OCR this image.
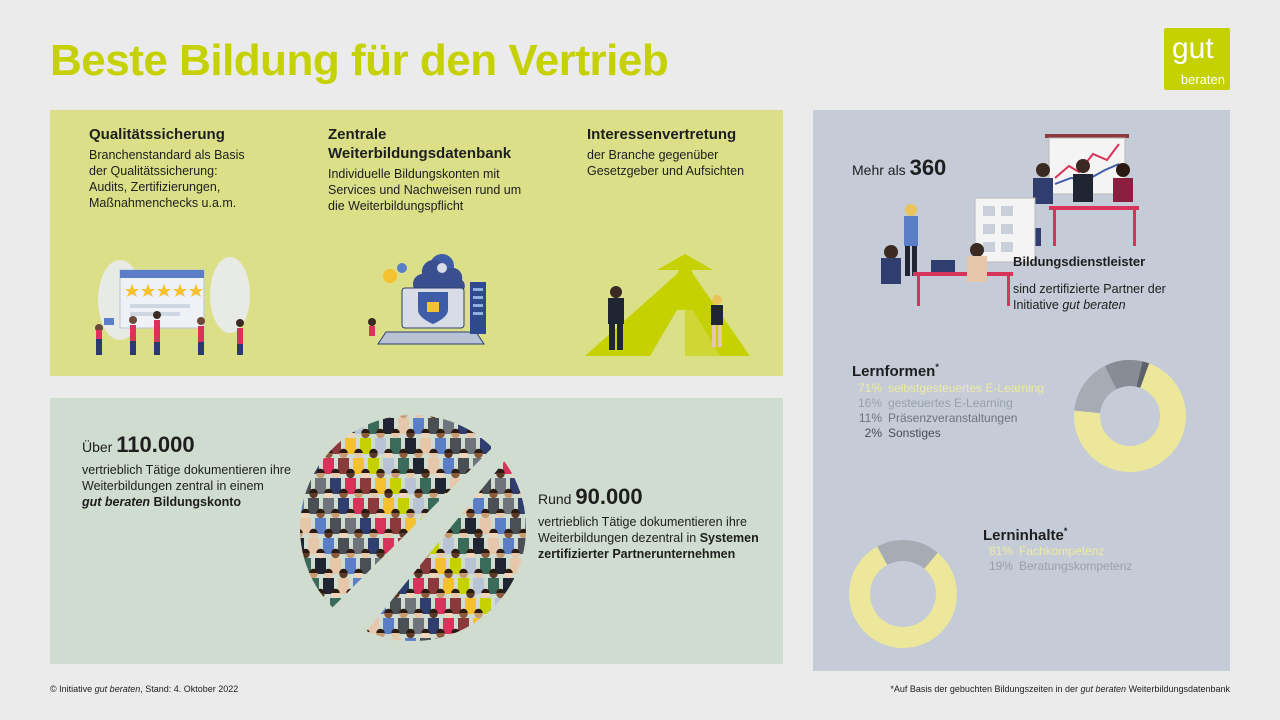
Beste Bildung für den Vertrieb	gut
beraten
Qualitätssicherung
Branchenstandard als Basis
der Qualitätssicherung:
Audits, Zertifizierungen,
Maßnahmenchecks u.a.m.
Zentrale
Weiterbildungsdatenbank
Individuelle Bildungskonten mit
Services und Nachweisen rund um
die Weiterbildungspflicht
Interessenvertretung
der Branche gegenüber
Gesetzgeber und Aufsichten
Über 110.000
vertrieblich Tätige dokumentieren ihre
Weiterbildungen zentral in einem
gut beraten Bildungskonto	Rund 90.000
vertrieblich Tätige dokumentieren ihre
Weiterbildungen dezentral in Systemen
zertifizierter Partnerunternehmen
Mehr als 360
Bildungsdienstleister
sind zertifizierte Partner der
Initiative gut beraten
Lernformen*
71% selbstgesteuertes E-Learning
16% gesteuertes E-Learning
11% Präsenzveranstaltungen
2% Sonstiges
Lerninhalte*
81% Fachkompetenz
19% Beratungskompetenz
© Initiative gut beraten, Stand: 4. Oktober 2022	*Auf Basis der gebuchten Bildungszeiten in der gut beraten Weiterbildungsdatenbank
